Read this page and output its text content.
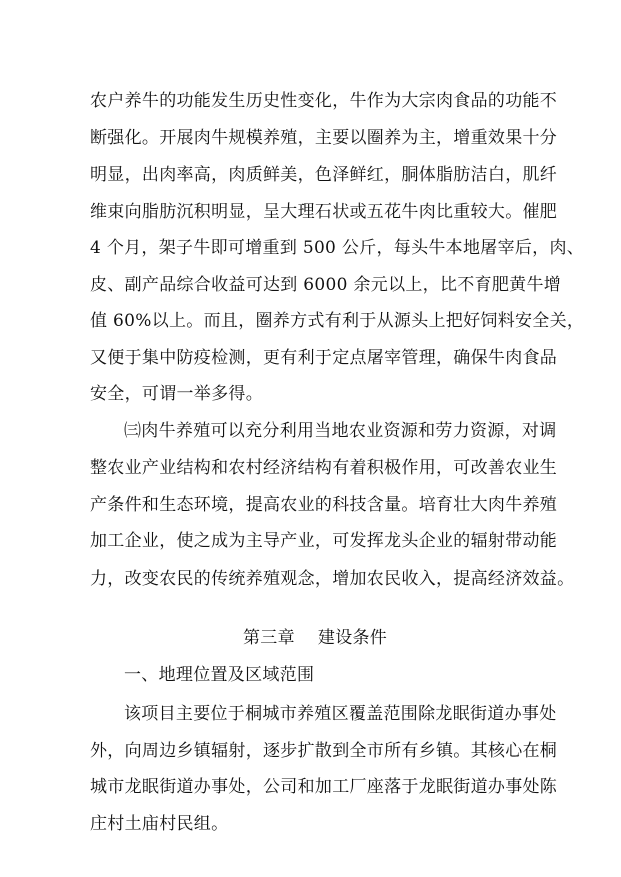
农户养牛的功能发生历史性变化，牛作为大宗肉食品的功能不
断强化。开展肉牛规模养殖，主要以圈养为主，增重效果十分
明显，出肉率高，肉质鲜美，色泽鲜红，胴体脂肪洁白，肌纤
维束向脂肪沉积明显，呈大理石状或五花牛肉比重较大。催肥
4 个月，架子牛即可增重到 500 公斤，每头牛本地屠宰后，肉、
皮、副产品综合收益可达到 6000 余元以上，比不育肥黄牛增
值 60%以上。而且，圈养方式有利于从源头上把好饲料安全关，
又便于集中防疫检测，更有利于定点屠宰管理，确保牛肉食品
安全，可谓一举多得。
㈢肉牛养殖可以充分利用当地农业资源和劳力资源，对调
整农业产业结构和农村经济结构有着积极作用，可改善农业生
产条件和生态环境，提高农业的科技含量。培育壮大肉牛养殖
加工企业，使之成为主导产业，可发挥龙头企业的辐射带动能
力，改变农民的传统养殖观念，增加农民收入，提高经济效益。
第三章　 建设条件
一、地理位置及区域范围
该项目主要位于桐城市养殖区覆盖范围除龙眠街道办事处
外，向周边乡镇辐射，逐步扩散到全市所有乡镇。其核心在桐
城市龙眠街道办事处，公司和加工厂座落于龙眠街道办事处陈
庄村土庙村民组。
